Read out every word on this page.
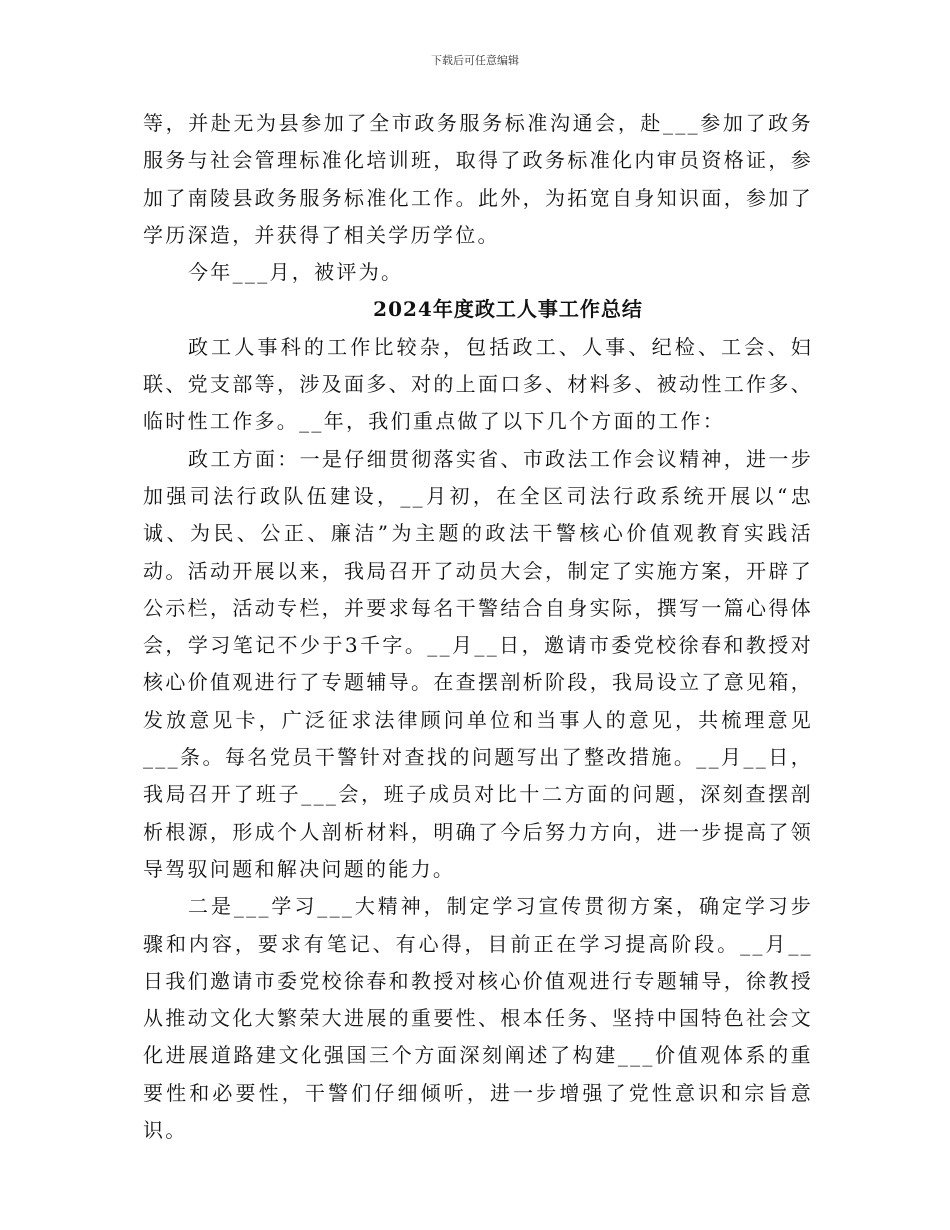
下载后可任意编辑

等，并赴无为县参加了全市政务服务标准沟通会，赴___参加了政务服务与社会管理标准化培训班，取得了政务标准化内审员资格证，参加了南陵县政务服务标准化工作。此外，为拓宽自身知识面，参加了学历深造，并获得了相关学历学位。

今年___月，被评为。

2024年度政工人事工作总结

政工人事科的工作比较杂，包括政工、人事、纪检、工会、妇联、党支部等，涉及面多、对的上面口多、材料多、被动性工作多、临时性工作多。__年，我们重点做了以下几个方面的工作：

政工方面：一是仔细贯彻落实省、市政法工作会议精神，进一步加强司法行政队伍建设，__月初，在全区司法行政系统开展以“忠诚、为民、公正、廉洁”为主题的政法干警核心价值观教育实践活动。活动开展以来，我局召开了动员大会，制定了实施方案，开辟了公示栏，活动专栏，并要求每名干警结合自身实际，撰写一篇心得体会，学习笔记不少于3千字。__月__日，邀请市委党校徐春和教授对核心价值观进行了专题辅导。在查摆剖析阶段，我局设立了意见箱，发放意见卡，广泛征求法律顾问单位和当事人的意见，共梳理意见___条。每名党员干警针对查找的问题写出了整改措施。__月__日，我局召开了班子___会，班子成员对比十二方面的问题，深刻查摆剖析根源，形成个人剖析材料，明确了今后努力方向，进一步提高了领导驾驭问题和解决问题的能力。

二是___学习___大精神，制定学习宣传贯彻方案，确定学习步骤和内容，要求有笔记、有心得，目前正在学习提高阶段。__月__日我们邀请市委党校徐春和教授对核心价值观进行专题辅导，徐教授从推动文化大繁荣大进展的重要性、根本任务、坚持中国特色社会文化进展道路建文化强国三个方面深刻阐述了构建___价值观体系的重要性和必要性，干警们仔细倾听，进一步增强了党性意识和宗旨意识。
